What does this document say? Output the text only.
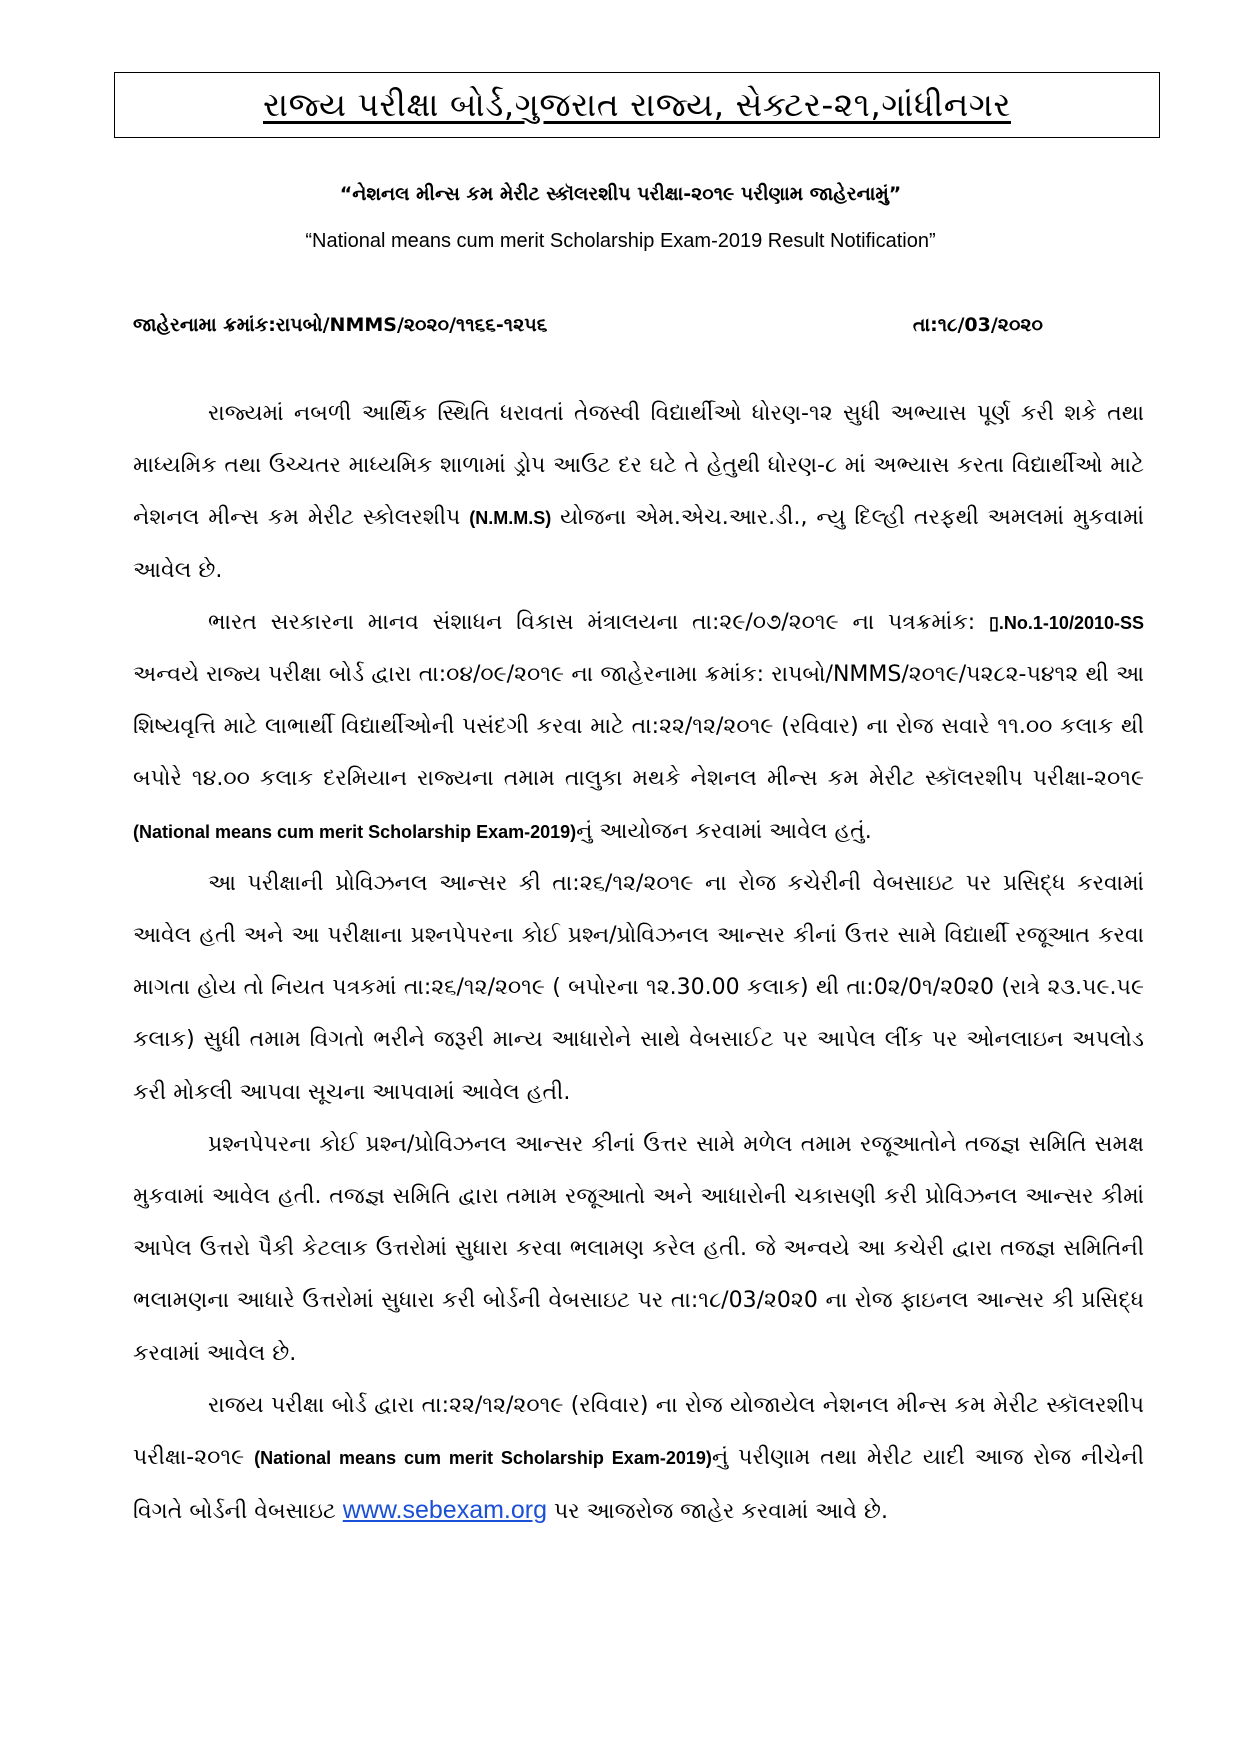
રાજ્ય પરીક્ષા બોર્ડ,ગુજરાત રાજ્ય, સેક્ટર-૨૧,ગાંધીનગર
“નેશનલ મીન્સ કમ મેરીટ સ્કૉલરશીપ પરીક્ષા-૨૦૧૯ પરીણામ જાહેરનામું”
“National means cum merit Scholarship Exam-2019 Result Notification”
જાહેરનામા ક્રમાંક:રાપબો/NMMS/૨૦૨૦/૧૧૬૬-૧૨૫૬	તા:૧૮/03/૨૦૨૦

રાજ્યમાં નબળી આર્થિક સ્થિતિ ધરાવતાં તેજસ્વી વિદ્યાર્થીઓ ધોરણ-૧૨ સુધી અભ્યાસ પૂર્ણ કરી શકે તથા માધ્યમિક તથા ઉચ્ચતર માધ્યમિક શાળામાં ડ્રોપ આઉટ દર ઘટે તે હેતુથી ધોરણ-૮ માં અભ્યાસ કરતા વિદ્યાર્થીઓ માટે નેશનલ મીન્સ કમ મેરીટ સ્કોલરશીપ (N.M.M.S) યોજના એમ.એચ.આર.ડી., ન્યુ દિલ્હી તરફથી અમલમાં મુકવામાં આવેલ છે.

ભારત સરકારના માનવ સંશાધન વિકાસ મંત્રાલયના તા:૨૯/૦૭/૨૦૧૯ ના પત્રક્રમાંક: ▯.No.1-10/2010-SS અન્વયે રાજ્ય પરીક્ષા બોર્ડ દ્વારા તા:૦૪/૦૯/૨૦૧૯ ના જાહેરનામા ક્રમાંક: રાપબો/NMMS/૨૦૧૯/૫૨૮૨-૫૪૧૨ થી આ શિષ્યવૃત્તિ માટે લાભાર્થી વિદ્યાર્થીઓની પસંદગી કરવા માટે તા:૨૨/૧૨/૨૦૧૯ (રવિવાર) ના રોજ સવારે ૧૧.૦૦ કલાક થી બપોરે ૧૪.૦૦ કલાક દરમિયાન રાજ્યના તમામ તાલુકા મથકે નેશનલ મીન્સ કમ મેરીટ સ્કૉલરશીપ પરીક્ષા-૨૦૧૯ (National means cum merit Scholarship Exam-2019)નું આયોજન કરવામાં આવેલ હતું.

આ પરીક્ષાની પ્રોવિઝનલ આન્સર કી તા:૨૬/૧૨/૨૦૧૯ ના રોજ કચેરીની વેબસાઇટ પર પ્રસિદ્ધ કરવામાં આવેલ હતી અને આ પરીક્ષાના પ્રશ્નપેપરના કોઈ પ્રશ્ન/પ્રોવિઝનલ આન્સર કીનાં ઉત્તર સામે વિદ્યાર્થી રજૂઆત કરવા માગતા હોય તો નિયત પત્રકમાં તા:૨૬/૧૨/૨૦૧૯ ( બપોરના ૧૨.30.00 કલાક) થી તા:0૨/0૧/૨0૨0 (રાત્રે ૨૩.૫૯.૫૯ કલાક) સુધી તમામ વિગતો ભરીને જરૂરી માન્ય આધારોને સાથે વેબસાઈટ પર આપેલ લીંક પર ઓનલાઇન અપલોડ કરી મોકલી આપવા સૂચના આપવામાં આવેલ હતી.

પ્રશ્નપેપરના કોઈ પ્રશ્ન/પ્રોવિઝનલ આન્સર કીનાં ઉત્તર સામે મળેલ તમામ રજૂઆતોને તજજ્ઞ સમિતિ સમક્ષ મુકવામાં આવેલ હતી. તજજ્ઞ સમિતિ દ્વારા તમામ રજૂઆતો અને આધારોની ચકાસણી કરી પ્રોવિઝનલ આન્સર કીમાં આપેલ ઉત્તરો પૈકી કેટલાક ઉત્તરોમાં સુધારા કરવા ભલામણ કરેલ હતી. જે અન્વયે આ કચેરી દ્વારા તજજ્ઞ સમિતિની ભલામણના આધારે ઉત્તરોમાં સુધારા કરી બોર્ડની વેબસાઇટ પર તા:૧૮/03/૨0૨0 ના રોજ ફાઇનલ આન્સર કી પ્રસિદ્ધ કરવામાં આવેલ છે.

રાજય પરીક્ષા બોર્ડ દ્વારા તા:૨૨/૧૨/૨૦૧૯ (રવિવાર) ના રોજ યોજાયેલ નેશનલ મીન્સ કમ મેરીટ સ્કૉલરશીપ પરીક્ષા-૨૦૧૯ (National means cum merit Scholarship Exam-2019)નું પરીણામ તથા મેરીટ યાદી આજ રોજ નીચેની વિગતે બોર્ડની વેબસાઇટ www.sebexam.org પર આજરોજ જાહેર કરવામાં આવે છે.
